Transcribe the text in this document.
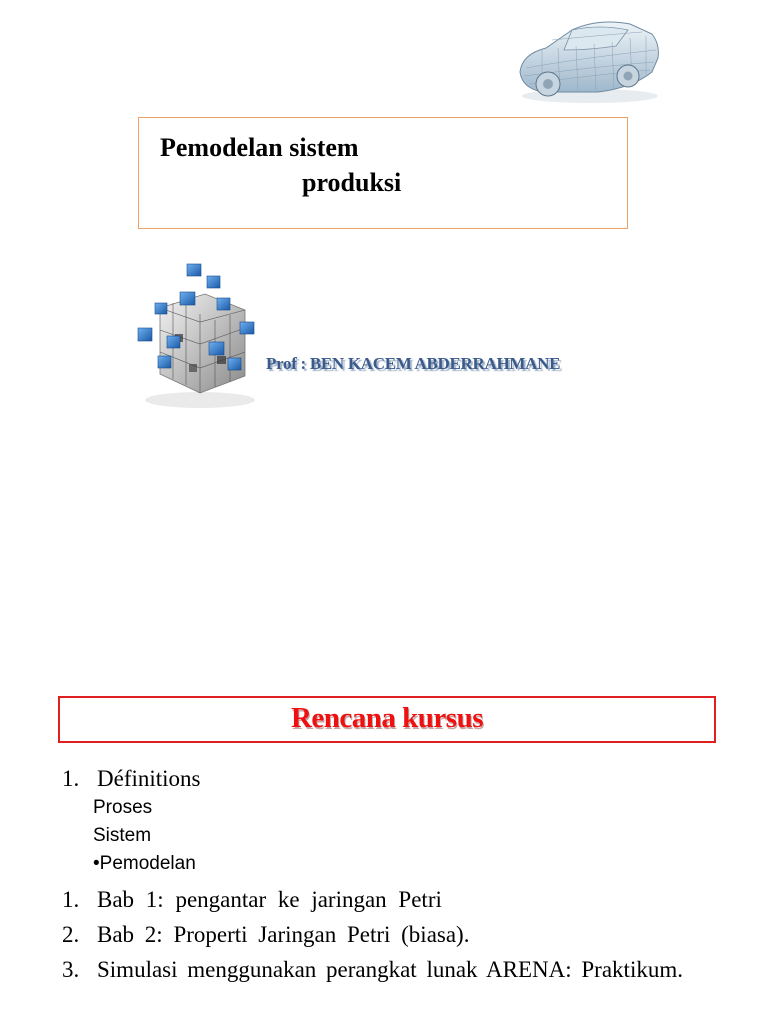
Pemodelan sistem
produksi
Prof : BEN KACEM ABDERRAHMANE
Rencana kursus
1. Définitions
Proses
Sistem
•Pemodelan
1. Bab 1: pengantar ke jaringan Petri
2. Bab 2: Properti Jaringan Petri (biasa).
3. Simulasi menggunakan perangkat lunak ARENA: Praktikum.
